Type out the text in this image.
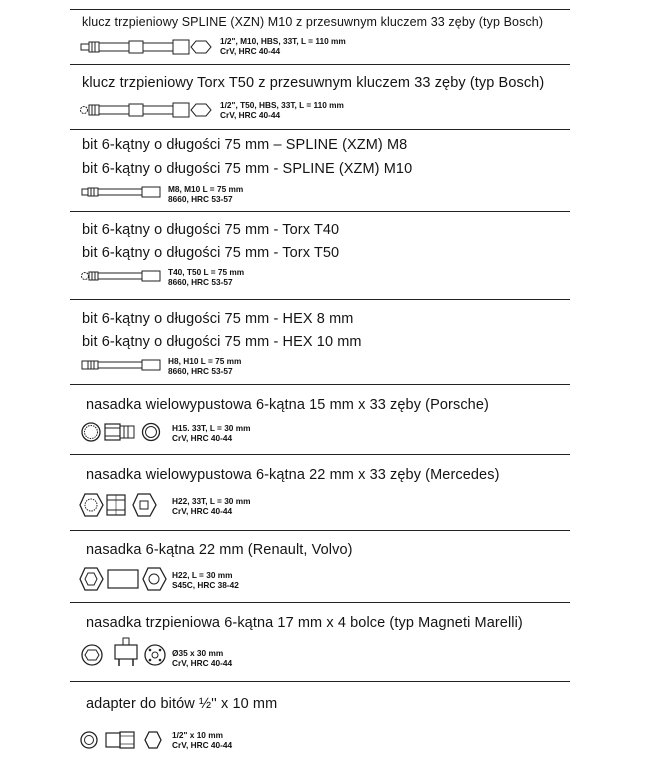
klucz trzpieniowy SPLINE (XZN) M10 z przesuwnym kluczem 33 zęby (typ Bosch)
1/2", M10, HBS, 33T, L = 110 mm
CrV, HRC 40-44
klucz trzpieniowy Torx T50 z przesuwnym kluczem 33 zęby (typ Bosch)
1/2", T50, HBS, 33T, L = 110 mm
CrV, HRC 40-44
bit 6-kątny o długości 75 mm – SPLINE (XZM) M8
bit 6-kątny o długości 75 mm - SPLINE (XZM) M10
M8, M10 L = 75 mm
8660, HRC 53-57
bit 6-kątny o długości 75 mm - Torx T40
bit 6-kątny o długości 75 mm - Torx T50
T40, T50 L = 75 mm
8660, HRC 53-57
bit 6-kątny o długości 75 mm - HEX 8 mm
bit 6-kątny o długości 75 mm - HEX 10 mm
H8, H10 L = 75 mm
8660, HRC 53-57
nasadka wielowypustowa 6-kątna 15 mm x 33 zęby (Porsche)
H15. 33T, L = 30 mm
CrV, HRC 40-44
nasadka wielowypustowa 6-kątna 22 mm x 33 zęby (Mercedes)
H22, 33T, L = 30 mm
CrV, HRC 40-44
nasadka 6-kątna 22 mm (Renault, Volvo)
H22, L = 30 mm
S45C, HRC 38-42
nasadka trzpieniowa 6-kątna 17 mm x 4 bolce (typ Magneti Marelli)
Ø35 x 30 mm
CrV, HRC 40-44
adapter do bitów ½'' x 10 mm
1/2" x 10 mm
CrV, HRC 40-44
